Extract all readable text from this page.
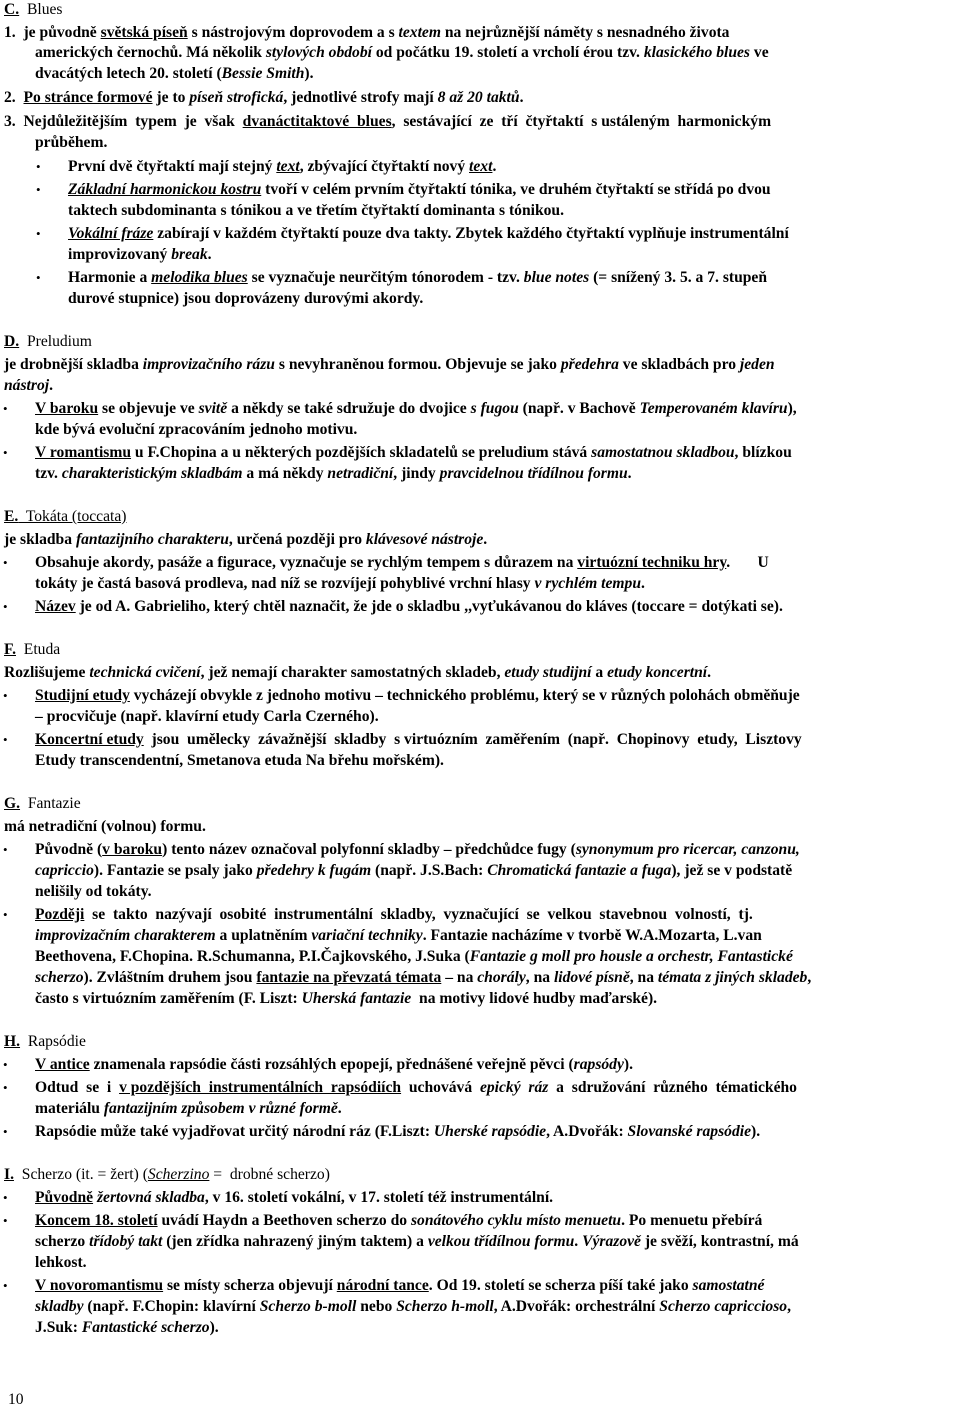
C.  Blues
1.  je původně světská píseň s nástrojovým doprovodem a s textem na nejrůznější náměty s nesnadného života
amerických černochů. Má několik stylových období od počátku 19. století a vrcholí érou tzv. klasického blues ve
dvacátých letech 20. století (Bessie Smith).
2.  Po stránce formové je to píseň strofická, jednotlivé strofy mají 8 až 20 taktů.
3.  Nejdůležitějším  typem  je  však  dvanáctitaktové  blues,  sestávající  ze  tří  čtyřtaktí  s ustáleným  harmonickým
průběhem.
• První dvě čtyřtaktí mají stejný text, zbývající čtyřtaktí nový text.
• Základní harmonickou kostru tvoří v celém prvním čtyřtaktí tónika, ve druhém čtyřtaktí se střídá po dvou
taktech subdominanta s tónikou a ve třetím čtyřtaktí dominanta s tónikou.
• Vokální fráze zabírají v každém čtyřtaktí pouze dva takty. Zbytek každého čtyřtaktí vyplňuje instrumentální
improvizovaný break.
• Harmonie a melodika blues se vyznačuje neurčitým tónorodem - tzv. blue notes (= snížený 3. 5. a 7. stupeň
durové stupnice) jsou doprovázeny durovými akordy.
D.  Preludium
je drobnější skladba improvizačního rázu s nevyhraněnou formou. Objevuje se jako předehra ve skladbách pro jeden
nástroj.
• V baroku se objevuje ve svitě a někdy se také sdružuje do dvojice s fugou (např. v Bachově Temperovaném klavíru),
kde bývá evoluční zpracováním jednoho motivu.
• V romantismu u F.Chopina a u některých pozdějších skladatelů se preludium stává samostatnou skladbou, blízkou
tzv. charakteristickým skladbám a má někdy netradiční, jindy pravcidelnou třídílnou formu.
E.  Tokáta (toccata)
je skladba fantazijního charakteru, určená později pro klávesové nástroje.
• Obsahuje akordy, pasáže a figurace, vyznačuje se rychlým tempem s důrazem na virtuózní techniku hry.       U
tokáty je častá basová prodleva, nad níž se rozvíjejí pohyblivé vrchní hlasy v rychlém tempu.
• Název je od A. Gabrieliho, který chtěl naznačit, že jde o skladbu ,,vyťukávanou do kláves (toccare = dotýkati se).
F.  Etuda
Rozlišujeme technická cvičení, jež nemají charakter samostatných skladeb, etudy studijní a etudy koncertní.
• Studijní etudy vycházejí obvykle z jednoho motivu – technického problému, který se v různých polohách obměňuje
– procvičuje (např. klavírní etudy Carla Czerného).
• Koncertní etudy  jsou  umělecky  závažnější  skladby  s virtuózním  zaměřením  (např.  Chopinovy  etudy,  Lisztovy
Etudy transcendentní, Smetanova etuda Na břehu mořském).
G.  Fantazie
má netradiční (volnou) formu.
• Původně (v baroku) tento název označoval polyfonní skladby – předchůdce fugy (synonymum pro ricercar, canzonu,
capriccio). Fantazie se psaly jako předehry k fugám (např. J.S.Bach: Chromatická fantazie a fuga), jež se v podstatě
nelišily od tokáty.
• Později  se  takto  nazývají  osobité  instrumentální  skladby,  vyznačující  se  velkou  stavebnou  volností,  tj.
improvizačním charakterem a uplatněním variační techniky. Fantazie nacházíme v tvorbě W.A.Mozarta, L.van
Beethovena, F.Chopina. R.Schumanna, P.I.Čajkovského, J.Suka (Fantazie g moll pro housle a orchestr, Fantastické
scherzo). Zvláštním druhem jsou fantazie na převzatá témata – na chorály, na lidové písně, na témata z jiných skladeb,
často s virtuózním zaměřením (F. Liszt: Uherská fantazie  na motivy lidové hudby maďarské).
H.  Rapsódie
• V antice znamenala rapsódie části rozsáhlých epopejí, přednášené veřejně pěvci (rapsódy).
• Odtud  se  i  v pozdějších  instrumentálních  rapsódiích  uchovává  epický  ráz  a  sdružování  různého  tématického
materiálu fantazijním způsobem v různé formě.
• Rapsódie může také vyjadřovat určitý národní ráz (F.Liszt: Uherské rapsódie, A.Dvořák: Slovanské rapsódie).
I.  Scherzo (it. = žert) (Scherzino =  drobné scherzo)
• Původně žertovná skladba, v 16. století vokální, v 17. století též instrumentální.
• Koncem 18. století uvádí Haydn a Beethoven scherzo do sonátového cyklu místo menuetu. Po menuetu přebírá
scherzo třídobý takt (jen zřídka nahrazený jiným taktem) a velkou třídílnou formu. Výrazově je svěží, kontrastní, má
lehkost.
• V novoromantismu se místy scherza objevují národní tance. Od 19. století se scherza píší také jako samostatné
skladby (např. F.Chopin: klavírní Scherzo b-moll nebo Scherzo h-moll, A.Dvořák: orchestrální Scherzo capriccioso,
J.Suk: Fantastické scherzo).
10
